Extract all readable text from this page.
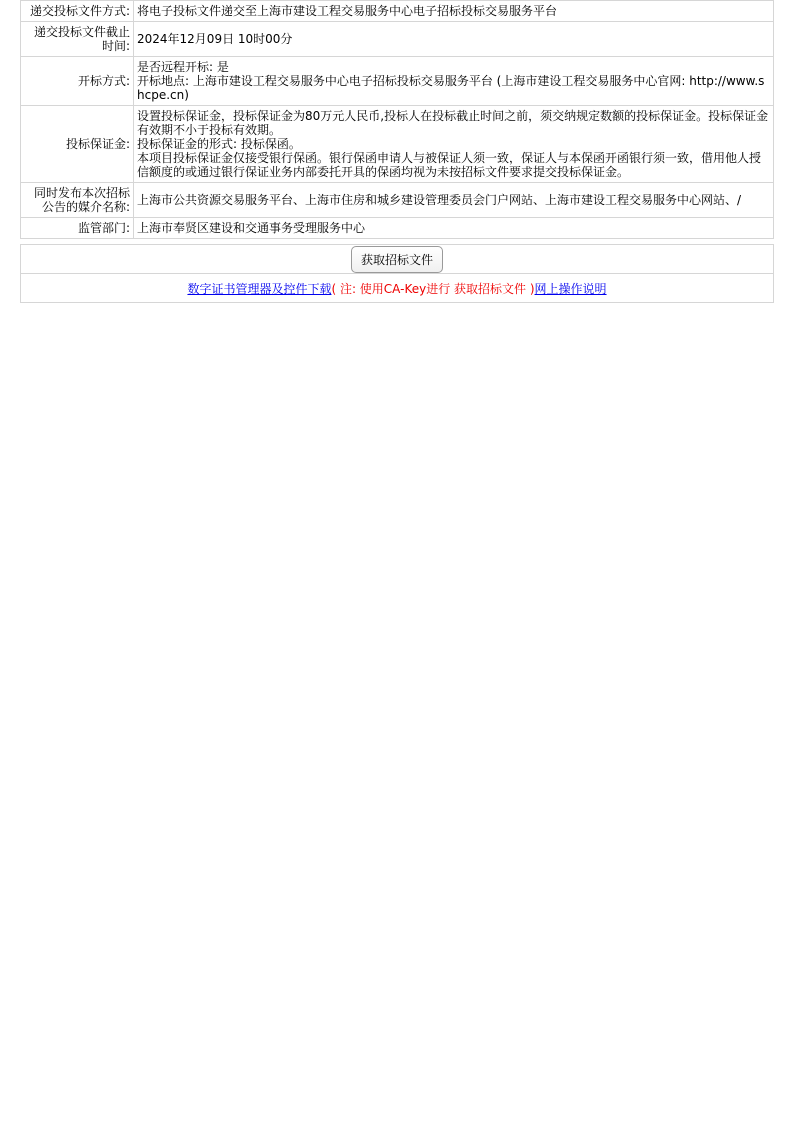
递交投标文件方式:	将电子投标文件递交至上海市建设工程交易服务中心电子招标投标交易服务平台

递交投标文件截止时间:	2024年12月09日 10时00分

开标方式:	是否远程开标: 是
开标地点: 上海市建设工程交易服务中心电子招标投标交易服务平台 (上海市建设工程交易服务中心官网: http://www.shcpe.cn)

投标保证金:	设置投标保证金，投标保证金为80万元人民币,投标人在投标截止时间之前，须交纳规定数额的投标保证金。投标保证金有效期不小于投标有效期。
投标保证金的形式: 投标保函。
本项目投标保证金仅接受银行保函。银行保函申请人与被保证人须一致，保证人与本保函开函银行须一致，借用他人授信额度的或通过银行保证业务内部委托开具的保函均视为未按招标文件要求提交投标保证金。

同时发布本次招标公告的媒介名称:	上海市公共资源交易服务平台、上海市住房和城乡建设管理委员会门户网站、上海市建设工程交易服务中心网站、/

监管部门:	上海市奉贤区建设和交通事务受理服务中心
获取招标文件
数字证书管理器及控件下载( 注: 使用CA-Key进行 获取招标文件 )网上操作说明
